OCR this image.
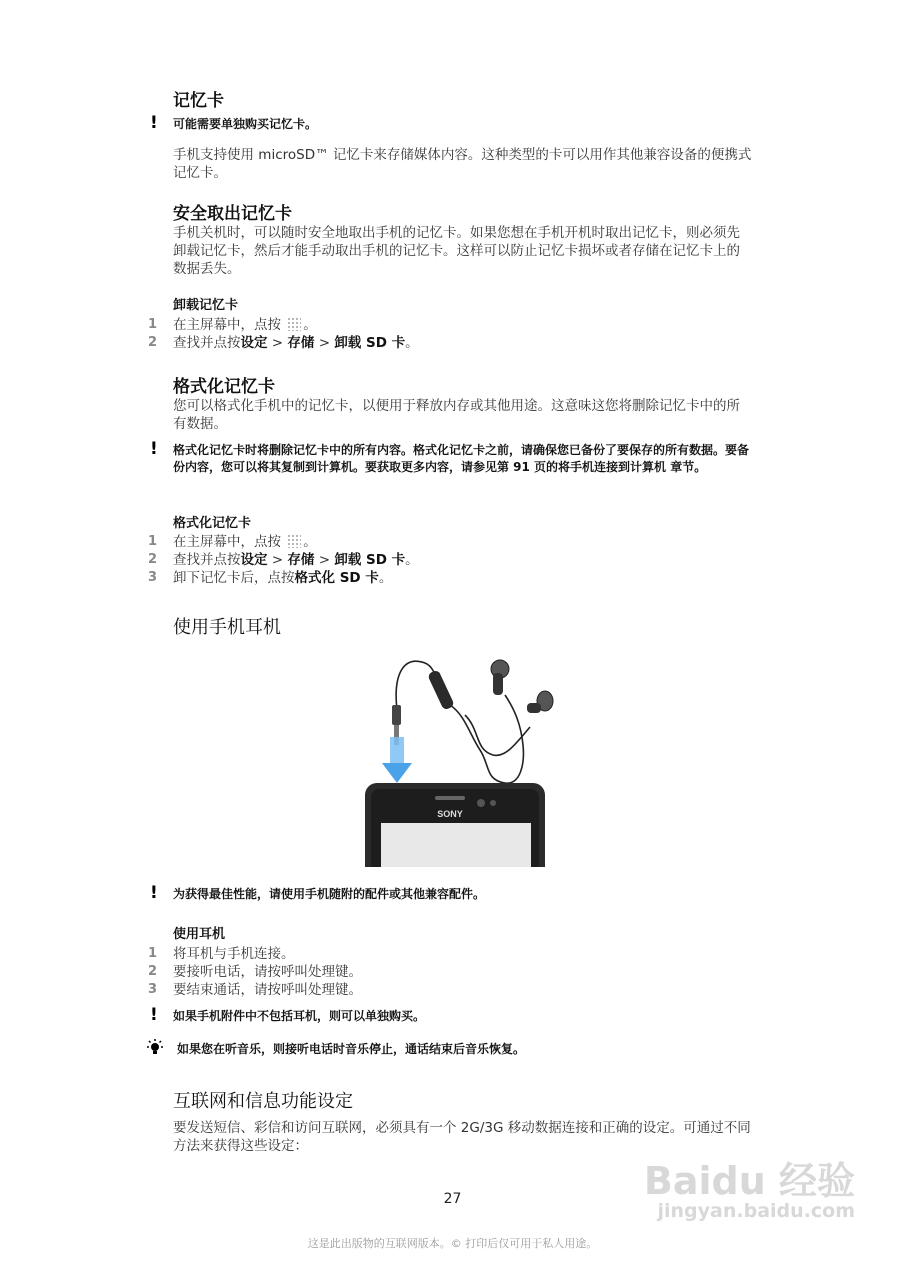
记忆卡
! 可能需要单独购买记忆卡。
手机支持使用 microSD™ 记忆卡来存储媒体内容。这种类型的卡可以用作其他兼容设备的便携式记忆卡。
安全取出记忆卡
手机关机时，可以随时安全地取出手机的记忆卡。如果您想在手机开机时取出记忆卡，则必须先卸载记忆卡，然后才能手动取出手机的记忆卡。这样可以防止记忆卡损坏或者存储在记忆卡上的数据丢失。
卸载记忆卡
1 在主屏幕中，点按 。
2 查找并点按设定 > 存储 > 卸载 SD 卡。
格式化记忆卡
您可以格式化手机中的记忆卡，以便用于释放内存或其他用途。这意味这您将删除记忆卡中的所有数据。
! 格式化记忆卡时将删除记忆卡中的所有内容。格式化记忆卡之前，请确保您已备份了要保存的所有数据。要备份内容，您可以将其复制到计算机。要获取更多内容，请参见第 91 页的将手机连接到计算机 章节。
格式化记忆卡
1 在主屏幕中，点按 。
2 查找并点按设定 > 存储 > 卸载 SD 卡。
3 卸下记忆卡后，点按格式化 SD 卡。
使用手机耳机
SONY
! 为获得最佳性能，请使用手机随附的配件或其他兼容配件。
使用耳机
1 将耳机与手机连接。
2 要接听电话，请按呼叫处理键。
3 要结束通话，请按呼叫处理键。
! 如果手机附件中不包括耳机，则可以单独购买。
如果您在听音乐，则接听电话时音乐停止，通话结束后音乐恢复。
互联网和信息功能设定
要发送短信、彩信和访问互联网，必须具有一个 2G/3G 移动数据连接和正确的设定。可通过不同方法来获得这些设定：
27
这是此出版物的互联网版本。© 打印后仅可用于私人用途。
Baidu 经验
jingyan.baidu.com
